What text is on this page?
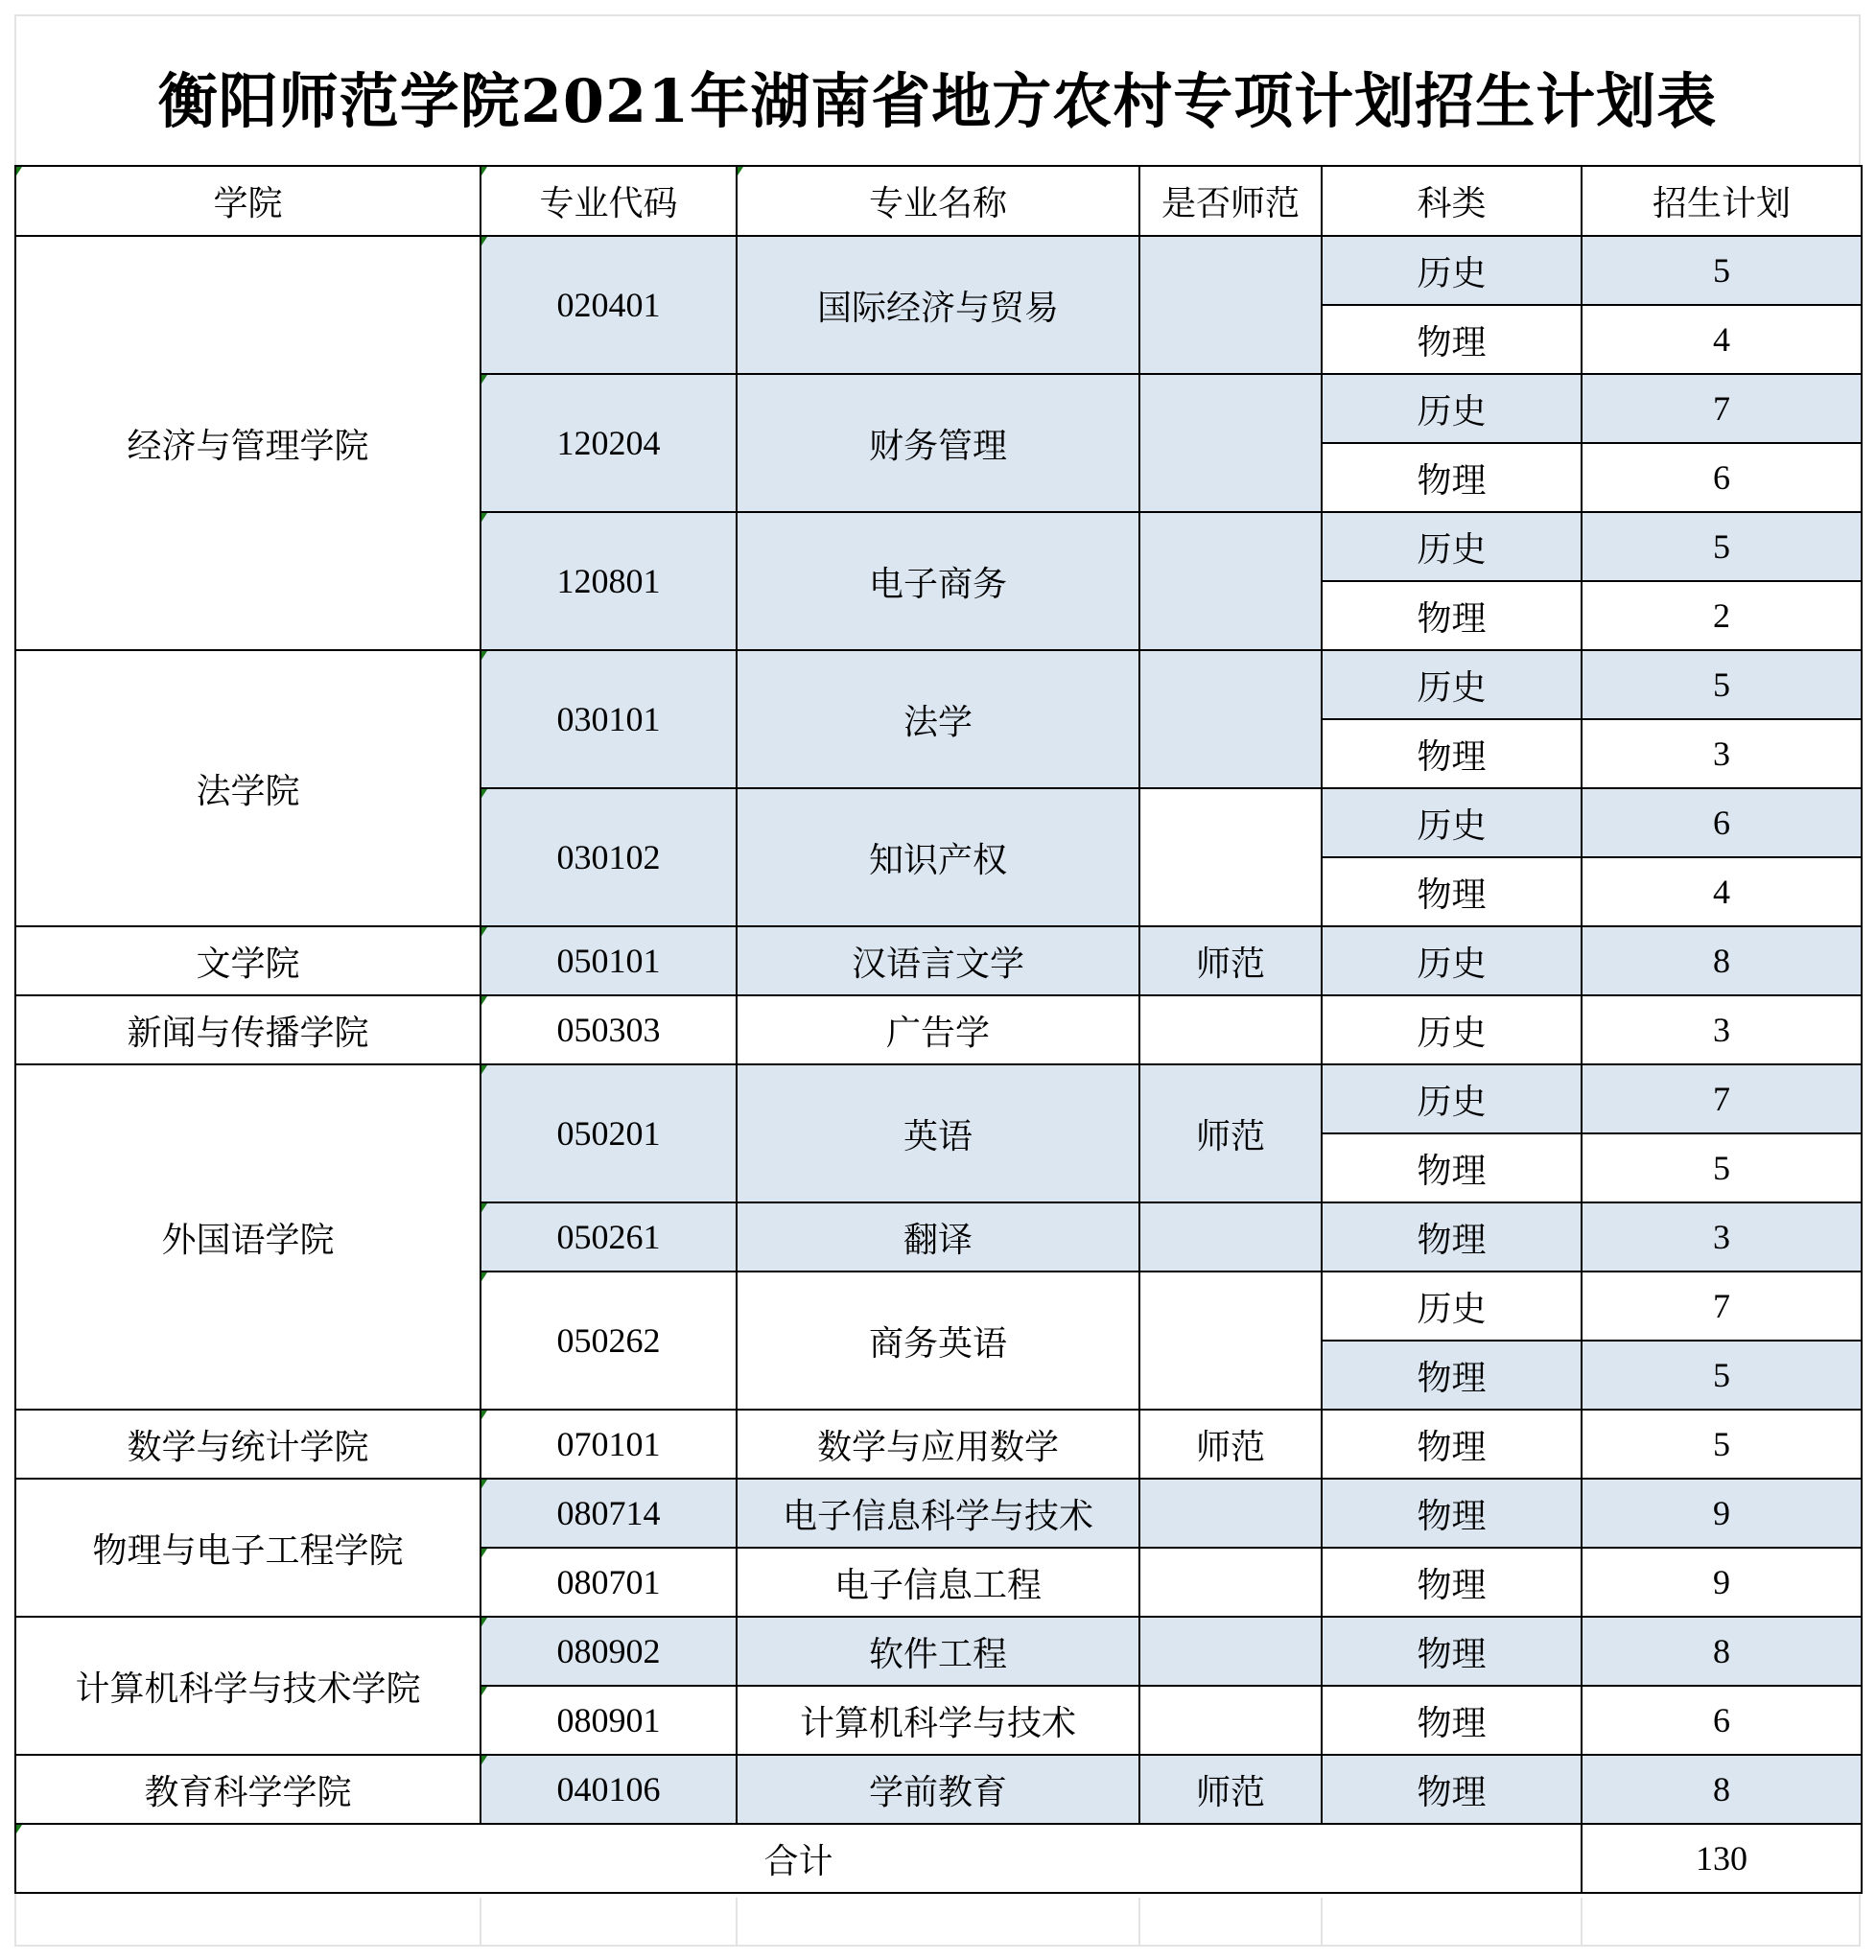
衡阳师范学院2021年湖南省地方农村专项计划招生计划表
学院	专业代码	专业名称	是否师范	科类	招生计划
经济与管理学院	020401	国际经济与贸易		历史	5
				物理	4
	120204	财务管理		历史	7
				物理	6
	120801	电子商务		历史	5
				物理	2
法学院	030101	法学		历史	5
				物理	3
	030102	知识产权		历史	6
				物理	4
文学院	050101	汉语言文学	师范	历史	8
新闻与传播学院	050303	广告学		历史	3
外国语学院	050201	英语	师范	历史	7
				物理	5
	050261	翻译		物理	3
	050262	商务英语		历史	7
				物理	5
数学与统计学院	070101	数学与应用数学	师范	物理	5
物理与电子工程学院	080714	电子信息科学与技术		物理	9
	080701	电子信息工程		物理	9
计算机科学与技术学院	080902	软件工程		物理	8
	080901	计算机科学与技术		物理	6
教育科学学院	040106	学前教育	师范	物理	8
合计					130
